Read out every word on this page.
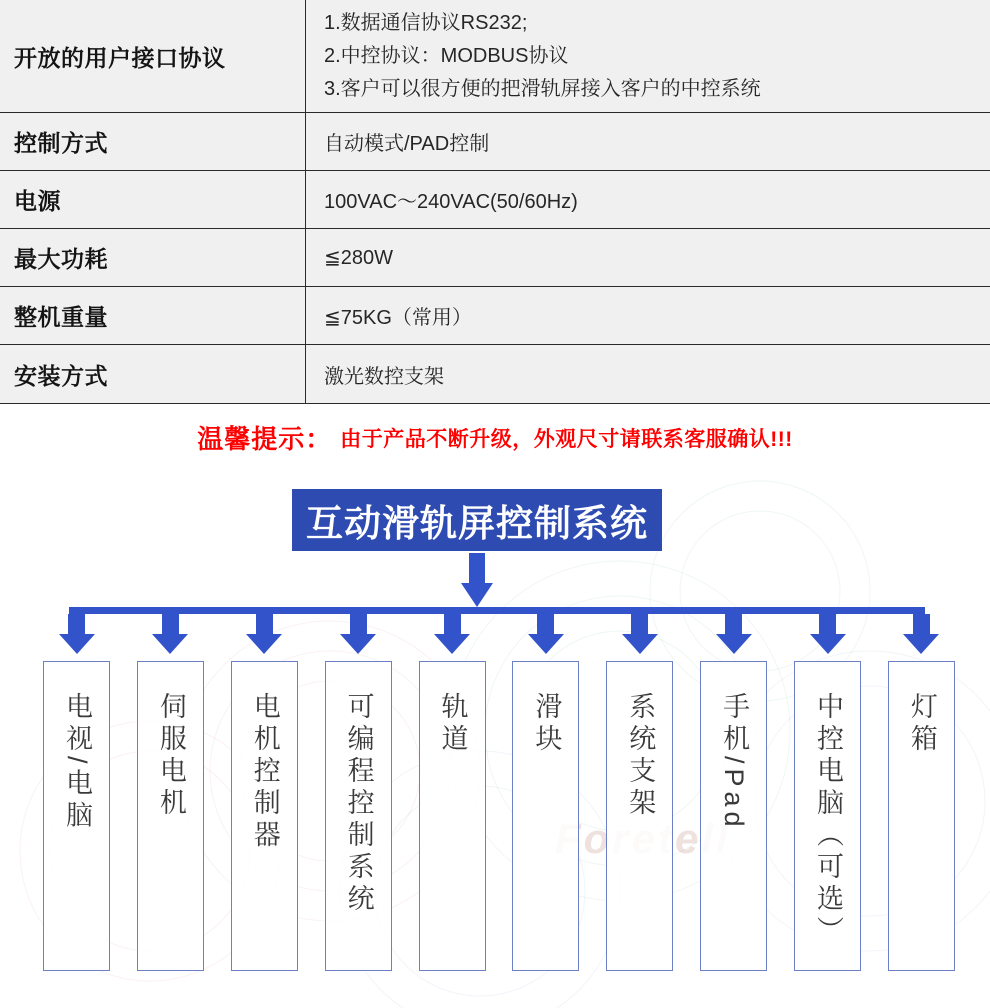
开放的用户接口协议
1.数据通信协议RS232;
2.中控协议：MODBUS协议
3.客户可以很方便的把滑轨屏接入客户的中控系统
控制方式	自动模式/PAD控制
电源	100VAC～240VAC(50/60Hz)
最大功耗	≦280W
整机重量	≦75KG（常用）
安装方式	激光数控支架
温馨提示： 由于产品不断升级，外观尺寸请联系客服确认!!!
互动滑轨屏控制系统
电视/电脑 伺服电机 电机控制器 可编程控制系统 轨道 滑块 系统支架 手机/Pad 中控电脑（可选） 灯箱
